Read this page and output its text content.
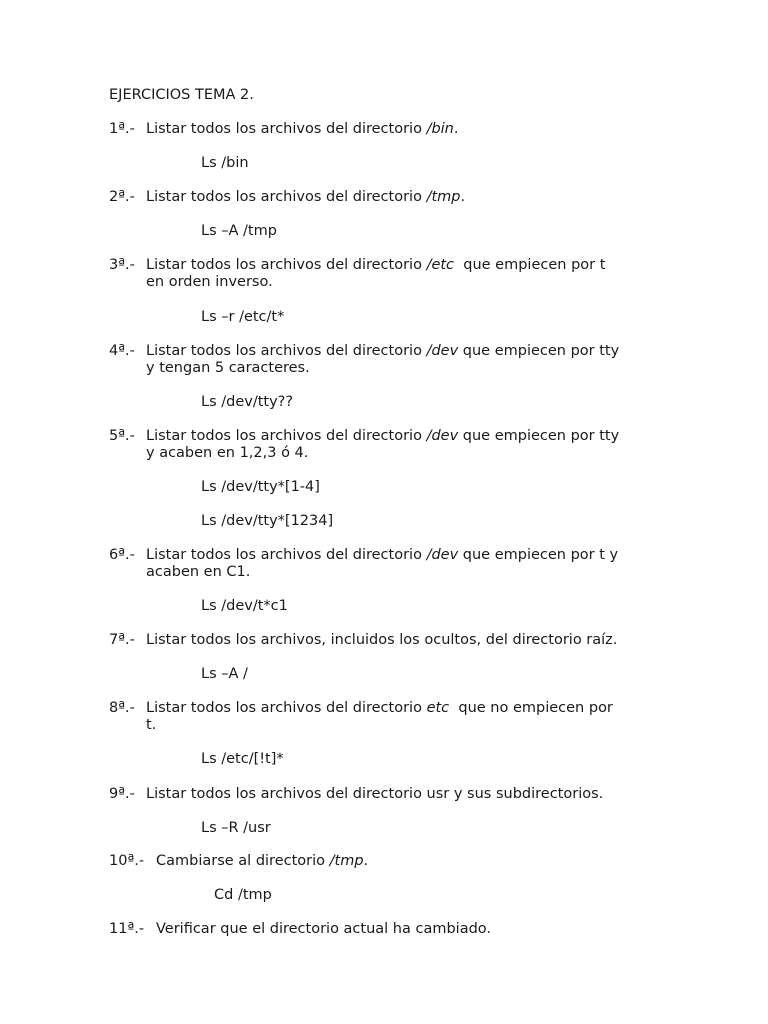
EJERCICIOS TEMA 2.
1ª.- Listar todos los archivos del directorio /bin.
Ls /bin
2ª.- Listar todos los archivos del directorio /tmp.
Ls –A /tmp
3ª.- Listar todos los archivos del directorio /etc  que empiecen por t
en orden inverso.
Ls –r /etc/t*
4ª.- Listar todos los archivos del directorio /dev que empiecen por tty
y tengan 5 caracteres.
Ls /dev/tty??
5ª.- Listar todos los archivos del directorio /dev que empiecen por tty
y acaben en 1,2,3 ó 4.
Ls /dev/tty*[1-4]
Ls /dev/tty*[1234]
6ª.- Listar todos los archivos del directorio /dev que empiecen por t y
acaben en C1.
Ls /dev/t*c1
7ª.- Listar todos los archivos, incluidos los ocultos, del directorio raíz.
Ls –A /
8ª.- Listar todos los archivos del directorio etc  que no empiecen por
t.
Ls /etc/[!t]*
9ª.- Listar todos los archivos del directorio usr y sus subdirectorios.
Ls –R /usr
10ª.- Cambiarse al directorio /tmp.
Cd /tmp
11ª.- Verificar que el directorio actual ha cambiado.
